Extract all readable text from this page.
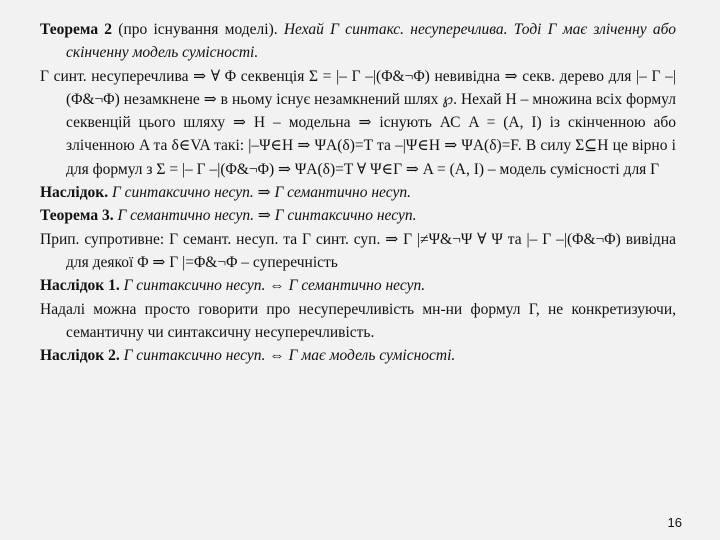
Теорема 2 (про існування моделі). Нехай Γ синтакс. несуперечлива. Тоді Γ має зліченну або скінченну модель сумісності.

Γ синт. несуперечлива ⇒ ∀ Φ секвенція Σ = |– Γ –|(Φ&¬Φ) невивідна ⇒ секв. дерево для |– Γ –|(Φ&¬Φ) незамкнене ⇒ в ньому існує незамкнений шлях ℘. Нехай H – множина всіх формул секвенцій цього шляху ⇒ H – модельна ⇒ існують АС A = (A, I) із скінченною або зліченною A та δ∈VA такі: |–Ψ∈H ⇒ ΨA(δ)=T та –|Ψ∈H ⇒ ΨA(δ)=F. В силу Σ⊆H це вірно і для формул з Σ = |– Γ –|(Φ&¬Φ) ⇒ ΨA(δ)=T ∀ Ψ∈Γ ⇒ A = (A, I) – модель сумісності для Γ

Наслідок. Γ синтаксично несуп. ⇒ Γ семантично несуп.

Теорема 3. Γ семантично несуп. ⇒ Γ синтаксично несуп.

Прип. супротивне: Γ семант. несуп. та Γ синт. суп. ⇒ Γ |≠Ψ&¬Ψ ∀ Ψ та |– Γ –|(Φ&¬Φ) вивідна для деякої Φ ⇒ Γ |=Φ&¬Φ – суперечність

Наслідок 1. Γ синтаксично несуп. ⇔ Γ семантично несуп.

Надалі можна просто говорити про несуперечливість мн-ни формул Γ, не конкретизуючи, семантичну чи синтаксичну несуперечливість.

Наслідок 2. Γ синтаксично несуп. ⇔ Γ має модель сумісності.

16
